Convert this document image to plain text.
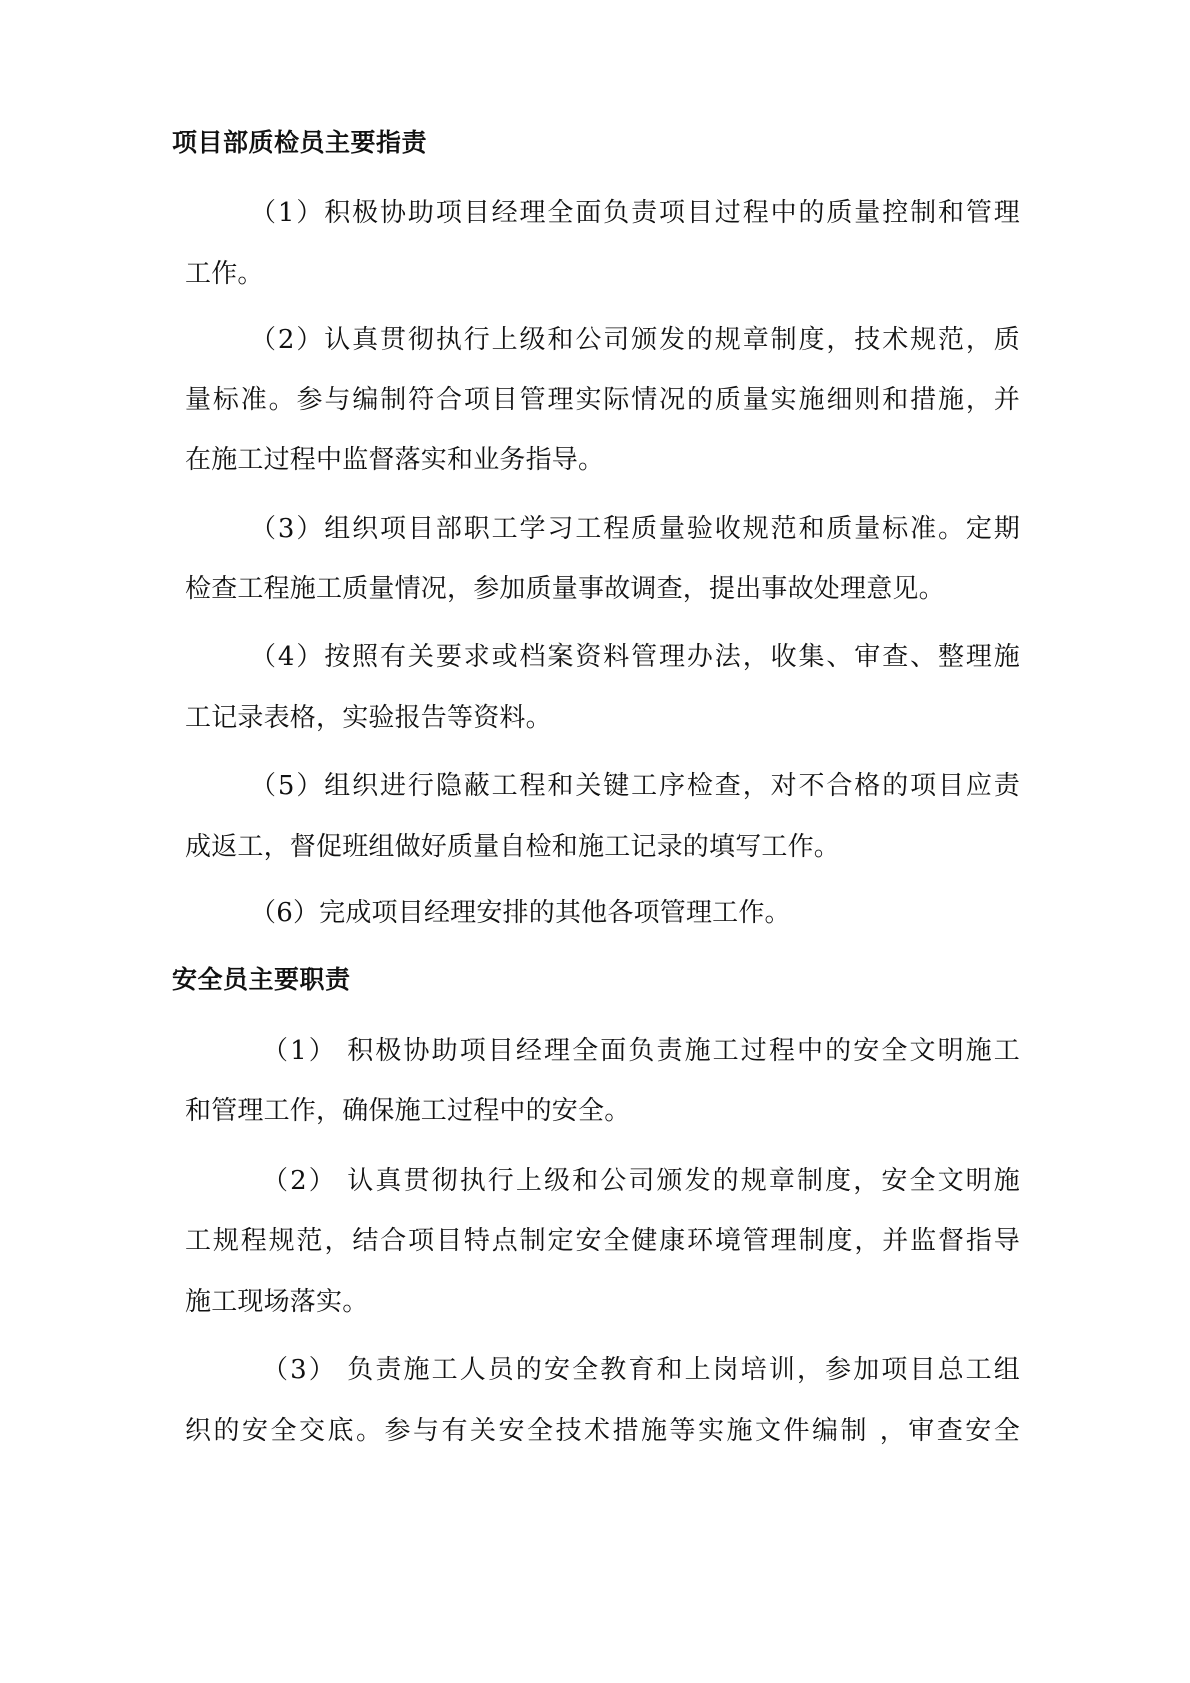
项目部质检员主要指责
（1）积极协助项目经理全面负责项目过程中的质量控制和管理
工作。
（2）认真贯彻执行上级和公司颁发的规章制度，技术规范，质
量标准。参与编制符合项目管理实际情况的质量实施细则和措施，并
在施工过程中监督落实和业务指导。
（3）组织项目部职工学习工程质量验收规范和质量标准。定期
检查工程施工质量情况，参加质量事故调查，提出事故处理意见。
（4）按照有关要求或档案资料管理办法，收集、审查、整理施
工记录表格，实验报告等资料。
（5）组织进行隐蔽工程和关键工序检查，对不合格的项目应责
成返工，督促班组做好质量自检和施工记录的填写工作。
（6）完成项目经理安排的其他各项管理工作。
安全员主要职责
（1） 积极协助项目经理全面负责施工过程中的安全文明施工
和管理工作，确保施工过程中的安全。
（2） 认真贯彻执行上级和公司颁发的规章制度，安全文明施
工规程规范，结合项目特点制定安全健康环境管理制度，并监督指导
施工现场落实。
（3） 负责施工人员的安全教育和上岗培训，参加项目总工组
织的安全交底。参与有关安全技术措施等实施文件编制 ，审查安全
